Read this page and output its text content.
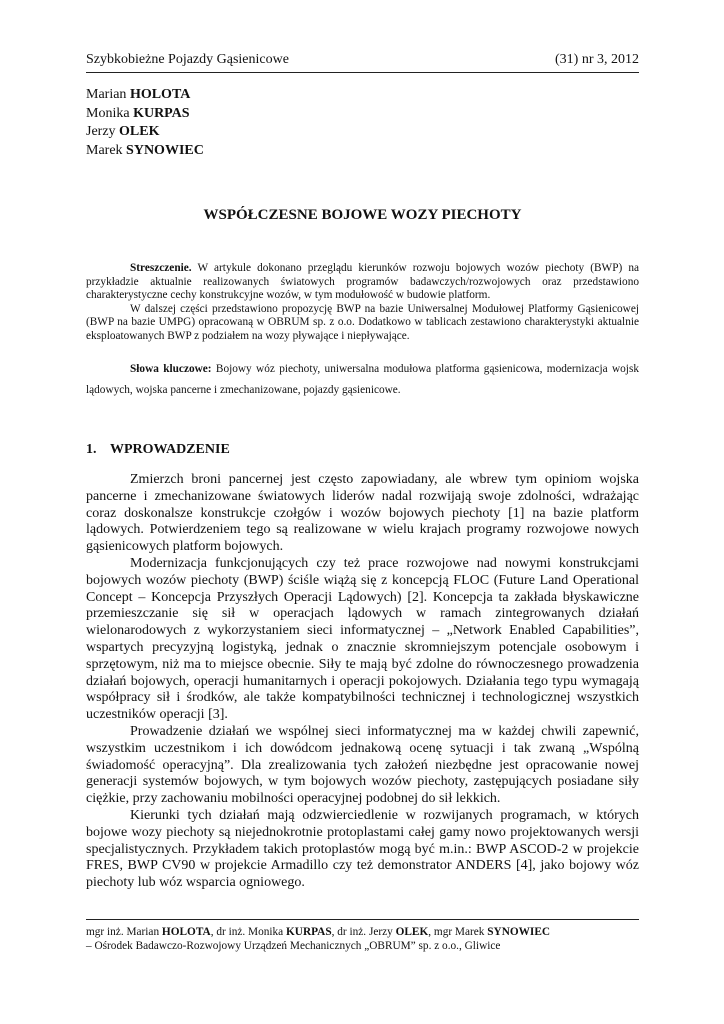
Szybkobieżne Pojazdy Gąsienicowe	(31) nr 3, 2012
Marian HOLOTA
Monika KURPAS
Jerzy OLEK
Marek SYNOWIEC
WSPÓŁCZESNE BOJOWE WOZY PIECHOTY

Streszczenie. W artykule dokonano przeglądu kierunków rozwoju bojowych wozów piechoty (BWP) na przykładzie aktualnie realizowanych światowych programów badawczych/rozwojowych oraz przedstawiono charakterystyczne cechy konstrukcyjne wozów, w tym modułowość w budowie platform.

W dalszej części przedstawiono propozycję BWP na bazie Uniwersalnej Modułowej Platformy Gąsienicowej (BWP na bazie UMPG) opracowaną w OBRUM sp. z o.o. Dodatkowo w tablicach zestawiono charakterystyki aktualnie eksploatowanych BWP z podziałem na wozy pływające i niepływające.

Słowa kluczowe: Bojowy wóz piechoty, uniwersalna modułowa platforma gąsienicowa, modernizacja wojsk lądowych, wojska pancerne i zmechanizowane, pojazdy gąsienicowe.

1. WPROWADZENIE

Zmierzch broni pancernej jest często zapowiadany, ale wbrew tym opiniom wojska pancerne i zmechanizowane światowych liderów nadal rozwijają swoje zdolności, wdrażając coraz doskonalsze konstrukcje czołgów i wozów bojowych piechoty [1] na bazie platform lądowych. Potwierdzeniem tego są realizowane w wielu krajach programy rozwojowe nowych gąsienicowych platform bojowych.

Modernizacja funkcjonujących czy też prace rozwojowe nad nowymi konstrukcjami bojowych wozów piechoty (BWP) ściśle wiążą się z koncepcją FLOC (Future Land Operational Concept – Koncepcja Przyszłych Operacji Lądowych) [2]. Koncepcja ta zakłada błyskawiczne przemieszczanie się sił w operacjach lądowych w ramach zintegrowanych działań wielonarodowych z wykorzystaniem sieci informatycznej – „Network Enabled Capabilities”, wspartych precyzyjną logistyką, jednak o znacznie skromniejszym potencjale osobowym i sprzętowym, niż ma to miejsce obecnie. Siły te mają być zdolne do równoczesnego prowadzenia działań bojowych, operacji humanitarnych i operacji pokojowych. Działania tego typu wymagają współpracy sił i środków, ale także kompatybilności technicznej i technologicznej wszystkich uczestników operacji [3].

Prowadzenie działań we wspólnej sieci informatycznej ma w każdej chwili zapewnić, wszystkim uczestnikom i ich dowódcom jednakową ocenę sytuacji i tak zwaną „Wspólną świadomość operacyjną”. Dla zrealizowania tych założeń niezbędne jest opracowanie nowej generacji systemów bojowych, w tym bojowych wozów piechoty, zastępujących posiadane siły ciężkie, przy zachowaniu mobilności operacyjnej podobnej do sił lekkich.

Kierunki tych działań mają odzwierciedlenie w rozwijanych programach, w których bojowe wozy piechoty są niejednokrotnie protoplastami całej gamy nowo projektowanych wersji specjalistycznych. Przykładem takich protoplastów mogą być m.in.: BWP ASCOD-2 w projekcie FRES, BWP CV90 w projekcie Armadillo czy też demonstrator ANDERS [4], jako bojowy wóz piechoty lub wóz wsparcia ogniowego.

mgr inż. Marian HOLOTA, dr inż. Monika KURPAS, dr inż. Jerzy OLEK, mgr Marek SYNOWIEC

– Ośrodek Badawczo-Rozwojowy Urządzeń Mechanicznych „OBRUM” sp. z o.o., Gliwice
